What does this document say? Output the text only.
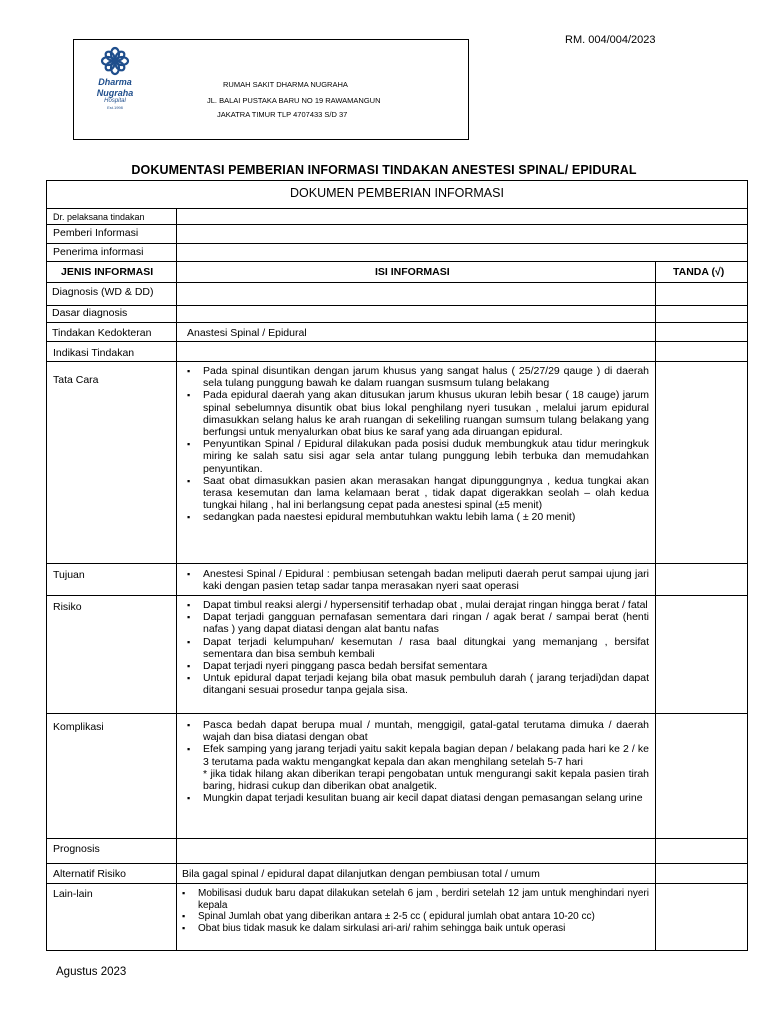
RM. 004/004/2023
Dharma
Nugraha
Hospital
Est.1998
RUMAH SAKIT DHARMA NUGRAHA
JL. BALAI PUSTAKA BARU NO 19 RAWAMANGUN
JAKATRA TIMUR TLP 4707433 S/D 37
DOKUMENTASI PEMBERIAN INFORMASI TINDAKAN ANESTESI SPINAL/ EPIDURAL
DOKUMEN PEMBERIAN INFORMASI
Dr. pelaksana tindakan
Pemberi Informasi
Penerima informasi
JENIS INFORMASI	ISI INFORMASI	TANDA (√)
Diagnosis (WD & DD)
Dasar diagnosis
Tindakan Kedokteran	Anastesi Spinal / Epidural
Indikasi Tindakan
Tata Cara
▪ Pada spinal disuntikan dengan jarum khusus yang sangat halus ( 25/27/29 qauge ) di daerah sela tulang punggung bawah ke dalam ruangan susmsum tulang belakang
▪ Pada epidural daerah yang akan ditusukan jarum khusus ukuran lebih besar ( 18 cauge) jarum spinal sebelumnya disuntik obat bius lokal penghilang nyeri tusukan , melalui jarum epidural dimasukkan selang halus ke arah ruangan di sekeliling ruangan sumsum tulang belakang yang berfungsi untuk menyalurkan obat bius ke saraf yang ada diruangan epidural.
▪ Penyuntikan Spinal / Epidural dilakukan pada posisi duduk membungkuk atau tidur meringkuk miring ke salah satu sisi agar sela antar tulang punggung lebih terbuka dan memudahkan penyuntikan.
▪ Saat obat dimasukkan pasien akan merasakan hangat dipunggungnya , kedua tungkai akan terasa kesemutan dan lama kelamaan berat , tidak dapat digerakkan seolah – olah kedua tungkai hilang , hal ini berlangsung cepat pada anestesi spinal (±5 menit)
▪ sedangkan pada naestesi epidural membutuhkan waktu lebih lama ( ± 20 menit)
Tujuan	▪ Anestesi Spinal / Epidural : pembiusan setengah badan meliputi daerah perut sampai ujung jari kaki dengan pasien tetap sadar tanpa merasakan nyeri saat operasi
Risiko	▪ Dapat timbul reaksi alergi / hypersensitif terhadap obat , mulai derajat ringan hingga berat / fatal
▪ Dapat terjadi gangguan pernafasan sementara dari ringan / agak berat / sampai berat (henti nafas ) yang dapat diatasi dengan alat bantu nafas
▪ Dapat terjadi kelumpuhan/ kesemutan / rasa baal ditungkai yang memanjang , bersifat sementara dan bisa sembuh kembali
▪ Dapat terjadi nyeri pinggang pasca bedah bersifat sementara
▪ Untuk epidural dapat terjadi kejang bila obat masuk pembuluh darah ( jarang terjadi)dan dapat ditangani sesuai prosedur tanpa gejala sisa.
Komplikasi	▪ Pasca bedah dapat berupa mual / muntah, menggigil, gatal-gatal terutama dimuka / daerah wajah dan bisa diatasi dengan obat
▪ Efek samping yang jarang terjadi yaitu sakit kepala bagian depan / belakang pada hari ke 2 / ke 3 terutama pada waktu mengangkat kepala dan akan menghilang setelah 5-7 hari
* jika tidak hilang akan diberikan terapi pengobatan untuk mengurangi sakit kepala pasien tirah baring, hidrasi cukup dan diberikan obat analgetik.
▪ Mungkin dapat terjadi kesulitan buang air kecil dapat diatasi dengan pemasangan selang urine
Prognosis
Alternatif Risiko	Bila gagal spinal / epidural dapat dilanjutkan dengan pembiusan total / umum
Lain-lain	▪ Mobilisasi duduk baru dapat dilakukan setelah 6 jam , berdiri setelah 12 jam untuk menghindari nyeri kepala
▪ Spinal Jumlah obat yang diberikan antara ± 2-5 cc ( epidural jumlah obat antara 10-20 cc)
▪ Obat bius tidak masuk ke dalam sirkulasi ari-ari/ rahim sehingga baik untuk operasi
Agustus 2023
